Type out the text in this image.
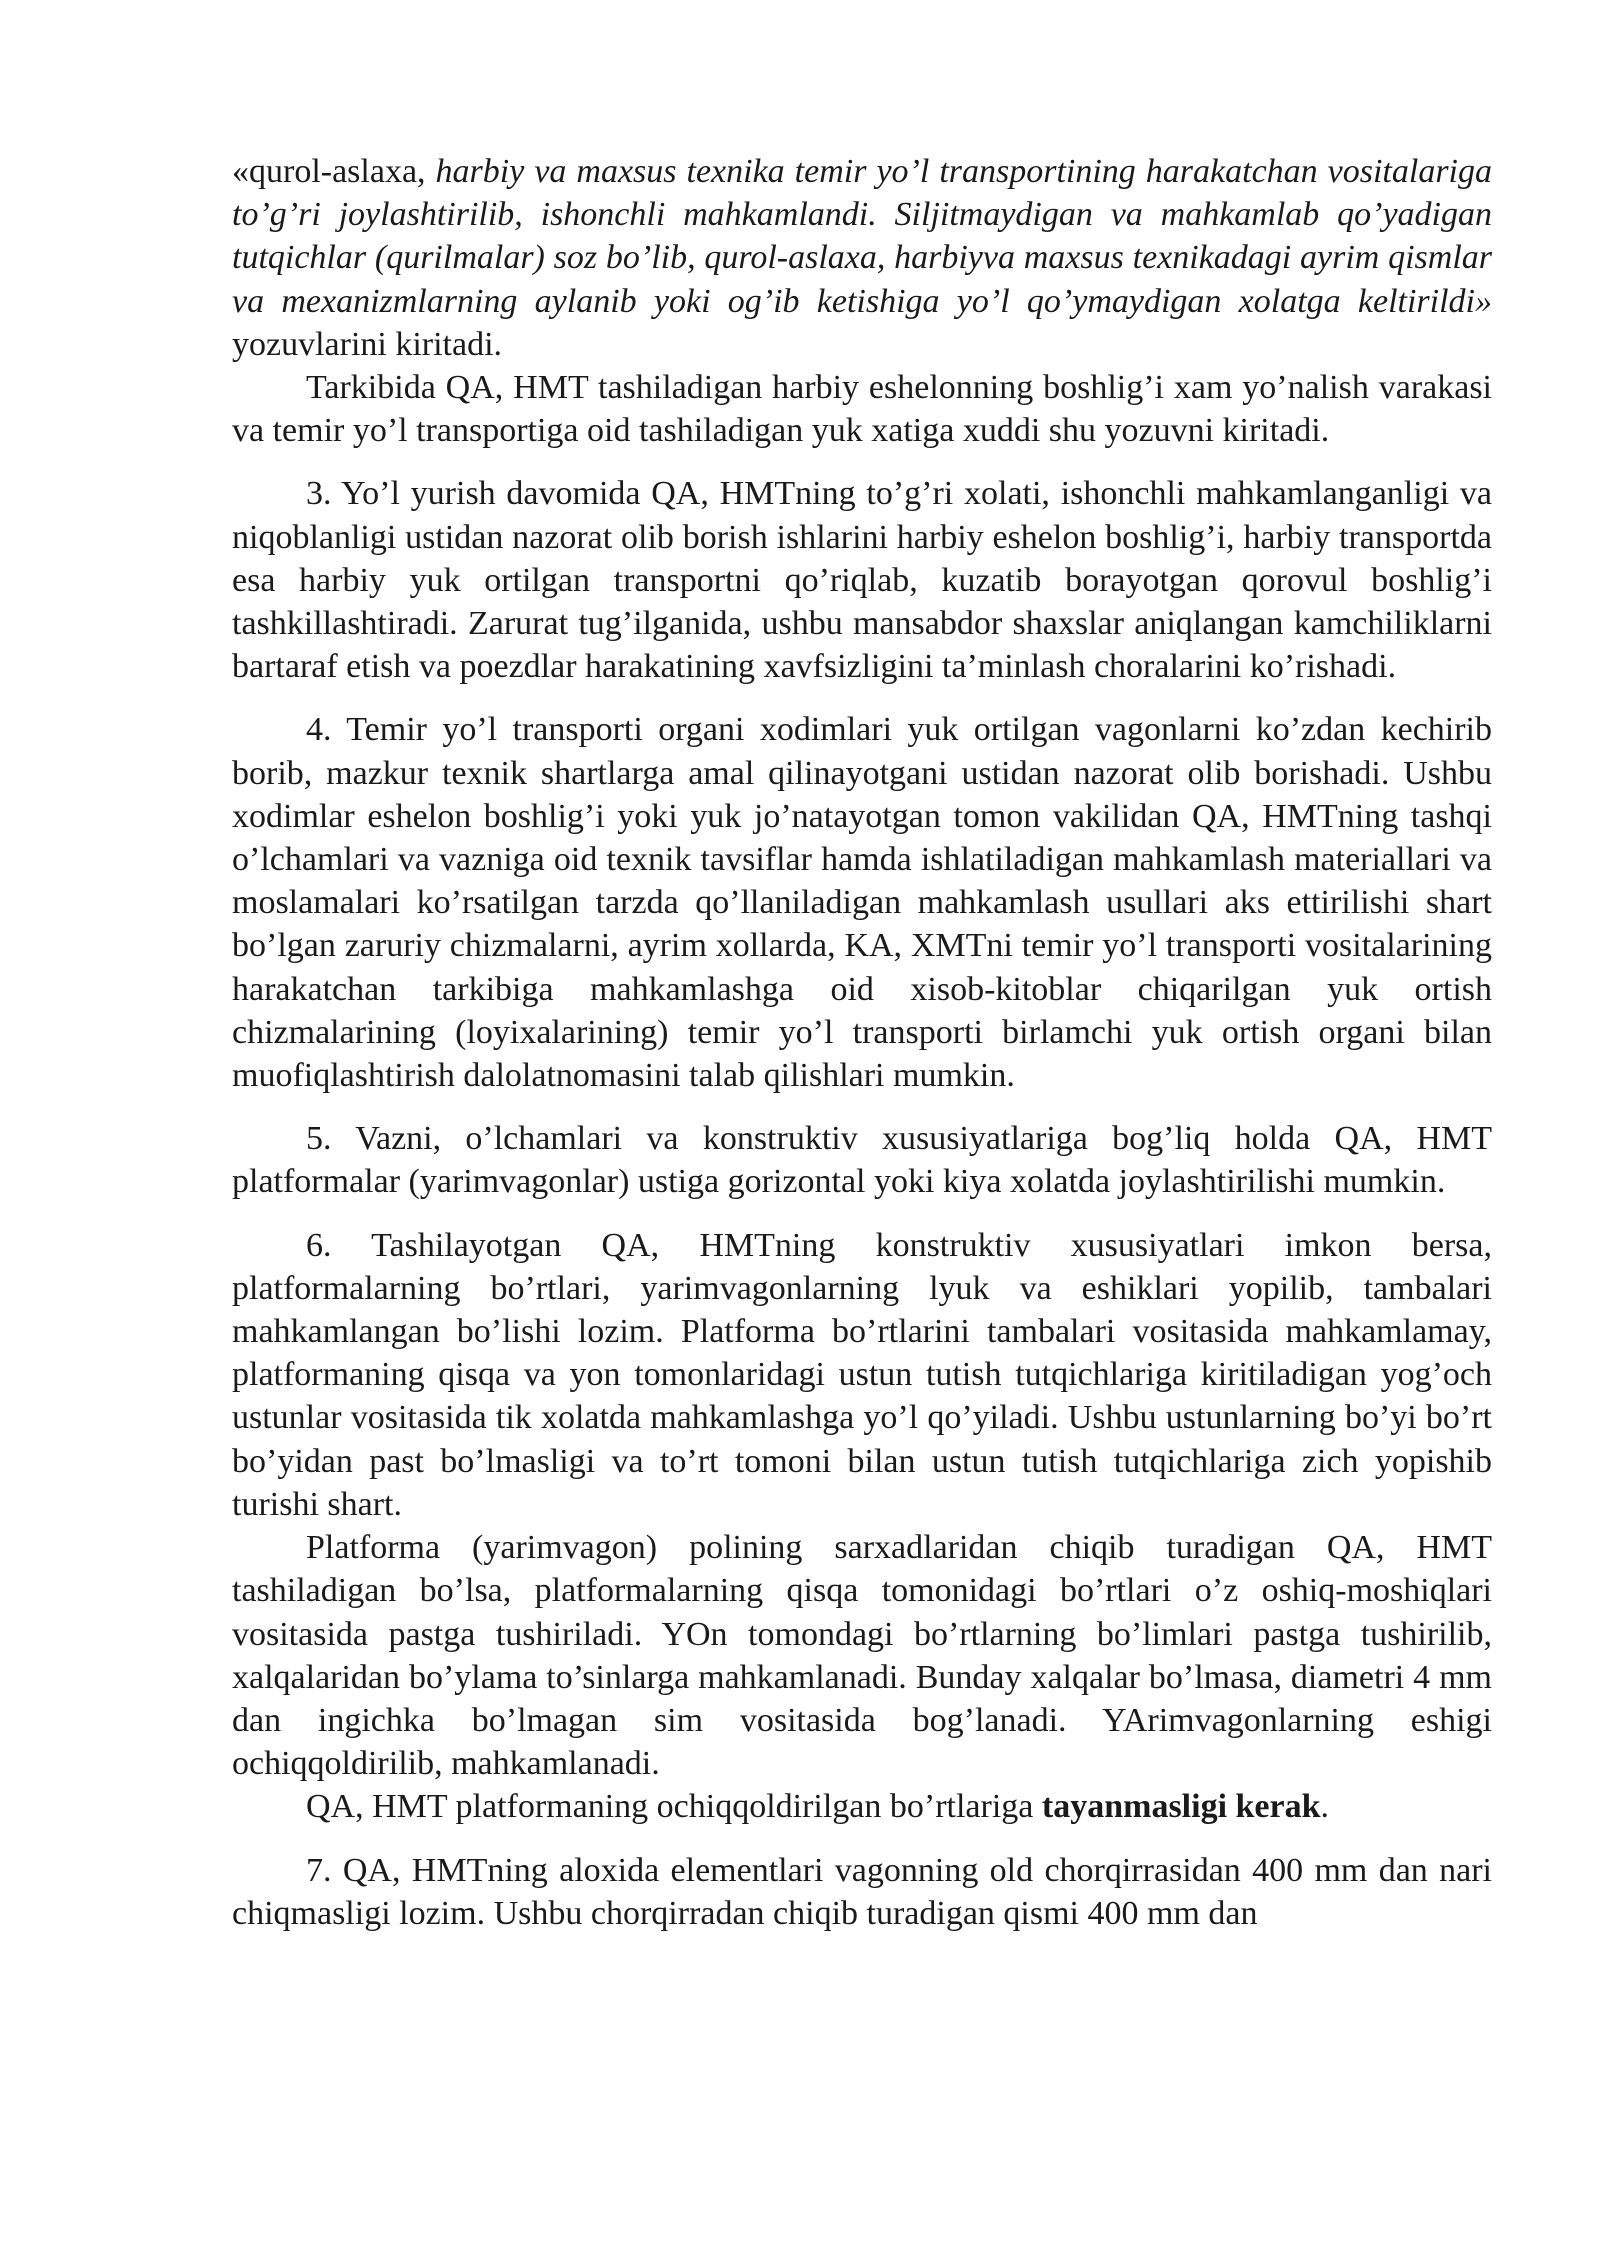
«qurol-aslaxa, harbiy va maxsus texnika temir yo’l transportining harakatchan vositalariga to’g’ri joylashtirilib, ishonchli mahkamlandi. Siljitmaydigan va mahkamlab qo’yadigan tutqichlar (qurilmalar) soz bo’lib, qurol-aslaxa, harbiyva maxsus texnikadagi ayrim qismlar va mexanizmlarning aylanib yoki og’ib ketishiga yo’l qo’ymaydigan xolatga keltirildi» yozuvlarini kiritadi.

Tarkibida QA, HMT tashiladigan harbiy eshelonning boshlig’i xam yo’nalish varakasi va temir yo’l transportiga oid tashiladigan yuk xatiga xuddi shu yozuvni kiritadi.

3. Yo’l yurish davomida QA, HMTning to’g’ri xolati, ishonchli mahkamlanganligi va niqoblanligi ustidan nazorat olib borish ishlarini harbiy eshelon boshlig’i, harbiy transportda esa harbiy yuk ortilgan transportni qo’riqlab, kuzatib borayotgan qorovul boshlig’i tashkillashtiradi. Zarurat tug’ilganida, ushbu mansabdor shaxslar aniqlangan kamchiliklarni bartaraf etish va poezdlar harakatining xavfsizligini ta’minlash choralarini ko’rishadi.

4. Temir yo’l transporti organi xodimlari yuk ortilgan vagonlarni ko’zdan kechirib borib, mazkur texnik shartlarga amal qilinayotgani ustidan nazorat olib borishadi. Ushbu xodimlar eshelon boshlig’i yoki yuk jo’natayotgan tomon vakilidan QA, HMTning tashqi o’lchamlari va vazniga oid texnik tavsiflar hamda ishlatiladigan mahkamlash materiallari va moslamalari ko’rsatilgan tarzda qo’llaniladigan mahkamlash usullari aks ettirilishi shart bo’lgan zaruriy chizmalarni, ayrim xollarda, KA, XMTni temir yo’l transporti vositalarining harakatchan tarkibiga mahkamlashga oid xisob-kitoblar chiqarilgan yuk ortish chizmalarining (loyixalarining) temir yo’l transporti birlamchi yuk ortish organi bilan muofiqlashtirish dalolatnomasini talab qilishlari mumkin.

5. Vazni, o’lchamlari va konstruktiv xususiyatlariga bog’liq holda QA, HMT platformalar (yarimvagonlar) ustiga gorizontal yoki kiya xolatda joylashtirilishi mumkin.

6. Tashilayotgan QA, HMTning konstruktiv xususiyatlari imkon bersa, platformalarning bo’rtlari, yarimvagonlarning lyuk va eshiklari yopilib, tambalari mahkamlangan bo’lishi lozim. Platforma bo’rtlarini tambalari vositasida mahkamlamay, platformaning qisqa va yon tomonlaridagi ustun tutish tutqichlariga kiritiladigan yog’och ustunlar vositasida tik xolatda mahkamlashga yo’l qo’yiladi. Ushbu ustunlarning bo’yi bo’rt bo’yidan past bo’lmasligi va to’rt tomoni bilan ustun tutish tutqichlariga zich yopishib turishi shart.

Platforma (yarimvagon) polining sarxadlaridan chiqib turadigan QA, HMT tashiladigan bo’lsa, platformalarning qisqa tomonidagi bo’rtlari o’z oshiq-moshiqlari vositasida pastga tushiriladi. YOn tomondagi bo’rtlarning bo’limlari pastga tushirilib, xalqalaridan bo’ylama to’sinlarga mahkamlanadi. Bunday xalqalar bo’lmasa, diametri 4 mm dan ingichka bo’lmagan sim vositasida bog’lanadi. YArimvagonlarning eshigi ochiqqoldirilib, mahkamlanadi.

QA, HMT platformaning ochiqqoldirilgan bo’rtlariga tayanmasligi kerak.

7. QA, HMTning aloxida elementlari vagonning old chorqirrasidan 400 mm dan nari chiqmasligi lozim. Ushbu chorqirradan chiqib turadigan qismi 400 mm dan
